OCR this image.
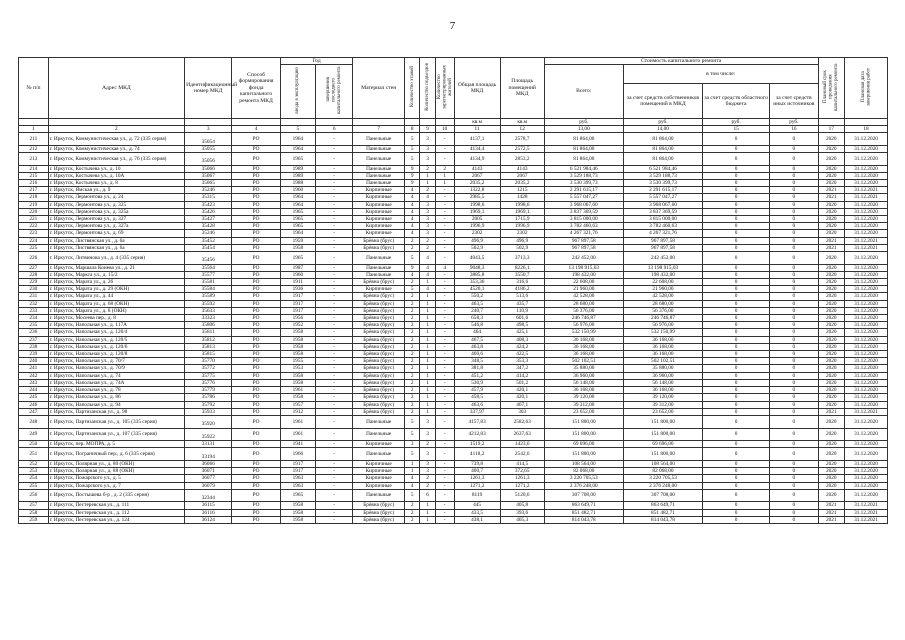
7
№ п/п	Адрес МКД	Идентификационный номер МКД	Способ формирования фонда капитального ремонта МКД	Год		Материал стен	Количество этажей	Количество подъездов	Количество зарегистрированных жителей	Общая площадь МКД	Площадь помещений МКД	Стоимость капитального ремонта				Плановый срок проведения капитального ремонта	Плановая дата завершения работ
				ввода в эксплуатацию	завершения последнего капитального ремонта							Всего:	в том числе:				
													за счет средств собственников помещений в МКД	за счет средств областного бюджета	за счет средств иных источников		
										кв.м	кв.м	руб.	руб.	руб.	руб.		
1	2	3	4	5	6	7	8	9	10	11	12	13,00	14,00	15	16	17	18
211	г. Иркутск, Коммунистическая ул., д. 72 (335 серия)	35054	РО	1964	-	Панельные	5	3	-	4137,1	2578,7	81 864,00	81 864,00	0	0	2020	31.12.2020
212	г. Иркутск, Коммунистическая ул., д. 74	35055	РО	1964	-	Панельные	5	3	-	4134,4	2572,5	81 864,00	81 864,00	0	0	2020	31.12.2020
213	г. Иркутск, Коммунистическая ул., д. 76 (335 серия)	35056	РО	1965	-	Панельные	5	3	-	4134,9	2853,2	81 864,00	81 864,00	0	0	2020	31.12.2020
214	г. Иркутск, Костычева ул., д. 10	35066	РО	1989	-	Панельные	9	2	2	4143	4143	6 521 984,46	6 521 984,46	0	0	2020	31.12.2020
215	г. Иркутск, Костычева ул., д. 10А	35067	РО	1989	-	Панельные	9	1	1	2067	2067	3 529 188,73	3 529 188,73	0	0	2020	31.12.2020
216	г. Иркутск, Костычева ул., д. 8	35065	РО	1988	-	Панельные	9	1	1	2035,2	2035,2	3 530 399,73	3 530 399,73	0	0	2020	31.12.2020
217	г. Иркутск, Ямская ул., д. 9	35246	РО	1960	-	Кирпичные	4	2	-	1322,8	1215	2 291 615,17	2 291 615,17	0	0	2021	31.12.2021
218	г. Иркутск, Лермонтова ул., д. 24	35315	РО	1964	-	Кирпичные	4	4	-	2985,5	1428	5 557 047,27	5 557 047,27	0	0	2021	31.12.2021
219	г. Иркутск, Лермонтова ул., д. 325	35423	РО	1964	-	Кирпичные	4	3	-	1998,6	1998,6	3 968 067,60	3 968 067,60	0	0	2020	31.12.2020
220	г. Иркутск, Лермонтова ул., д. 325а	35426	РО	1965	-	Кирпичные	4	3	-	1969,1	1969,1	3 837 369,59	3 837 369,59	0	0	2020	31.12.2020
221	г. Иркутск, Лермонтова ул., д. 327	35427	РО	1965	-	Кирпичные	4	3	-	2005	1715,9	3 815 000,00	3 815 000,00	0	0	2020	31.12.2020
222	г. Иркутск, Лермонтова ул., д. 327а	35428	РО	1965	-	Кирпичные	4	3	-	1996,9	1996,9	3 782 460,63	3 782 460,63	0	0	2020	31.12.2020
223	г. Иркутск, Лермонтова ул., д. 69	35246	РО	1964	-	Кирпичные	4	3	-	2302	2302	4 267 321,76	4 267 321,76	0	0	2020	31.12.2020
224	г. Иркутск, Листвянская ул., д. 6а	35452	РО	1959	-	Брёвна (брус)	2	2	-	496,9	496,9	967 897,58	967 897,58	0	0	2021	31.12.2021
225	г. Иркутск, Листвянская ул., д. 6а	35454	РО	1958	-	Брёвна (брус)	2	2	-	502,9	502,9	967 897,58	967 897,58	0	0	2021	31.12.2021
226	г. Иркутск, Литвинова ул., д. 4 (335 серия)	35456	РО	1965	-	Панельные	5	4	-	4043,5	3713,3	242 452,00	242 452,00	0	0	2020	31.12.2020
227	г. Иркутск, Маршала Конева ул., д. 21	35564	РО	1987	-	Панельные	9	4	4	9048,3	8226,1	13 198 915,03	13 198 915,03	0	0	2020	31.12.2020
228	г. Иркутск, Маркса ул., д. 15/2	35577	РО	1960	-	Панельные	4	4	-	3885,8	3550,7	198 432,00	198 432,00	0	0	2020	31.12.2020
229	г. Иркутск, Марата ул., д. 26	35581	РО	1911	-	Брёвна (брус)	2	1	-	353,36	316,6	22 608,00	22 608,00	0	0	2020	31.12.2020
230	г. Иркутск, Марата ул., д. 29 (ОКН)	35584	РО	1936	-	Кирпичные	5	4	-	4520,1	4186,2	21 960,00	21 960,00	0	0	2020	31.12.2020
231	г. Иркутск, Марата ул., д. 44	35589	РО	1917	-	Брёвна (брус)	2	1	-	550,2	513,6	42 528,00	42 528,00	0	0	2020	31.12.2020
232	г. Иркутск, Марата ул., д. 68 (ОКН)	35592	РО	1917	-	Брёвна (брус)	2	1	-	463,5	435,7	28 680,00	28 680,00	0	0	2020	31.12.2020
233	г. Иркутск, Марата ул., д. 8 (ОКН)	35633	РО	1917	-	Брёвна (брус)	2	1	-	240,7	110,9	56 376,00	56 376,00	0	0	2020	31.12.2020
234	г. Иркутск, Мосеева пер., д. 8	33323	РО	1956	-	Брёвна (брус)	2	1	-	658,3	601,6	246 746,87	246 746,87	0	0	2020	31.12.2020
235	г. Иркутск, Напольная ул., д. 117А	35806	РО	1952	-	Брёвна (брус)	2	1	-	546,8	498,5	56 976,00	56 976,00	0	0	2020	31.12.2020
236	г. Иркутск, Напольная ул., д. 120/4	35811	РО	1958	-	Брёвна (брус)	2	1	-	464	425,1	532 150,99	532 150,99	0	0	2020	31.12.2020
237	г. Иркутск, Напольная ул., д. 120/5	35812	РО	1958	-	Брёвна (брус)	2	1	-	467,5	408,3	36 168,00	36 168,00	0	0	2020	31.12.2020
238	г. Иркутск, Напольная ул., д. 120/6	35813	РО	1958	-	Брёвна (брус)	2	1	-	463,8	424,2	36 168,00	36 168,00	0	0	2020	31.12.2020
239	г. Иркутск, Напольная ул., д. 120/8	35815	РО	1958	-	Брёвна (брус)	2	1	-	460,6	422,5	36 168,00	36 168,00	0	0	2020	31.12.2020
240	г. Иркутск, Напольная ул., д. 70/7	35770	РО	1955	-	Брёвна (брус)	2	1	-	348,5	353,3	502 102,51	502 102,51	0	0	2020	31.12.2020
241	г. Иркутск, Напольная ул., д. 70/9	35772	РО	1953	-	Брёвна (брус)	2	1	-	381,8	347,2	35 880,00	35 880,00	0	0	2020	31.12.2020
242	г. Иркутск, Напольная ул., д. 74	35775	РО	1958	-	Брёвна (брус)	2	1	-	451,2	414,2	36 960,00	36 960,00	0	0	2020	31.12.2020
243	г. Иркутск, Напольная ул., д. 74А	35776	РО	1958	-	Брёвна (брус)	2	1	-	530,9	501,2	56 148,00	56 148,00	0	0	2020	31.12.2020
244	г. Иркутск, Напольная ул., д. 78	35779	РО	1961	-	Брёвна (брус)	2	1	-	457,9	420,1	36 168,00	36 168,00	0	0	2020	31.12.2020
245	г. Иркутск, Напольная ул., д. 86	35786	РО	1958	-	Брёвна (брус)	2	1	-	458,5	420,1	39 120,00	39 120,00	0	0	2020	31.12.2020
246	г. Иркутск, Напольная ул., д. 94	35792	РО	1957	-	Брёвна (брус)	2	1	-	463,6	467,1	39 312,00	39 312,00	0	0	2020	31.12.2020
247	г. Иркутск, Партизанская ул., д. 98	35933	РО	1912	-	Брёвна (брус)	2	1	-	337,97	303	23 652,00	23 652,00	0	0	2021	31.12.2021
248	г. Иркутск, Партизанская ул., д. 105 (335 серия)	35920	РО	1961	-	Панельные	5	3	-	4157,83	2582,63	151 800,00	151 800,00	0	0	2020	31.12.2020
249	г. Иркутск, Партизанская ул., д. 107 (335 серия)	35922	РО	1961	-	Панельные	5	3	-	4212,83	2637,63	151 800,00	151 800,00	0	0	2020	31.12.2020
250	г. Иркутск, пер. МОПРА, д. 5	33131	РО	1941	-	Кирпичные	3	2	-	1519,2	1423,6	69 696,00	69 696,00	0	0	2020	31.12.2020
251	г. Иркутск, Пограничный пер., д. 6 (335 серия)	33194	РО	1966	-	Панельные	5	3	-	4118,2	2542,6	151 800,00	151 800,00	0	0	2020	31.12.2020
252	г. Иркутск, Полярная ул., д. 80 (ОКН)	36066	РО	1917	-	Кирпичные	1	3	-	739,8	414,5	108 564,00	108 564,00	0	0	2020	31.12.2020
253	г. Иркутск, Полярная ул., д. 88 (ОКН)	36071	РО	1917	-	Кирпичные	1	3	-	400,7	372,65	82 068,00	82 068,00	0	0	2020	31.12.2020
254	г. Иркутск, Пожарского ул., д. 5	36077	РО	1963	-	Кирпичные	4	2	-	1261,3	1261,3	3 220 705,53	3 220 705,53	0	0	2020	31.12.2020
255	г. Иркутск, Пожарского ул., д. 7	36079	РО	1963	-	Кирпичные	4	2	-	1271,2	1271,2	2 376 248,00	2 376 248,00	0	0	2020	31.12.2020
256	г. Иркутск, Постышева б-р , д. 2 (335 серия)	32344	РО	1965	-	Панельные	5	6	-	8119	5120,6	307 708,00	307 708,00	0	0	2020	31.12.2020
257	г. Иркутск, Пестеревская ул., д. 111	36115	РО	1958	-	Брёвна (брус)	2	1	-	445	405,8	863 649,71	863 649,71	0	0	2021	31.12.2021
258	г. Иркутск, Пестеревская ул., д. 112	36116	РО	1958	-	Брёвна (брус)	2	1	-	433,5	393,6	851 482,71	851 482,71	0	0	2021	31.12.2021
259	г. Иркутск, Пестеревская ул., д. 124	36124	РО	1958	-	Брёвна (брус)	2	1	-	438,1	405,3	814 043,78	814 043,78	0	0	2021	31.12.2021
